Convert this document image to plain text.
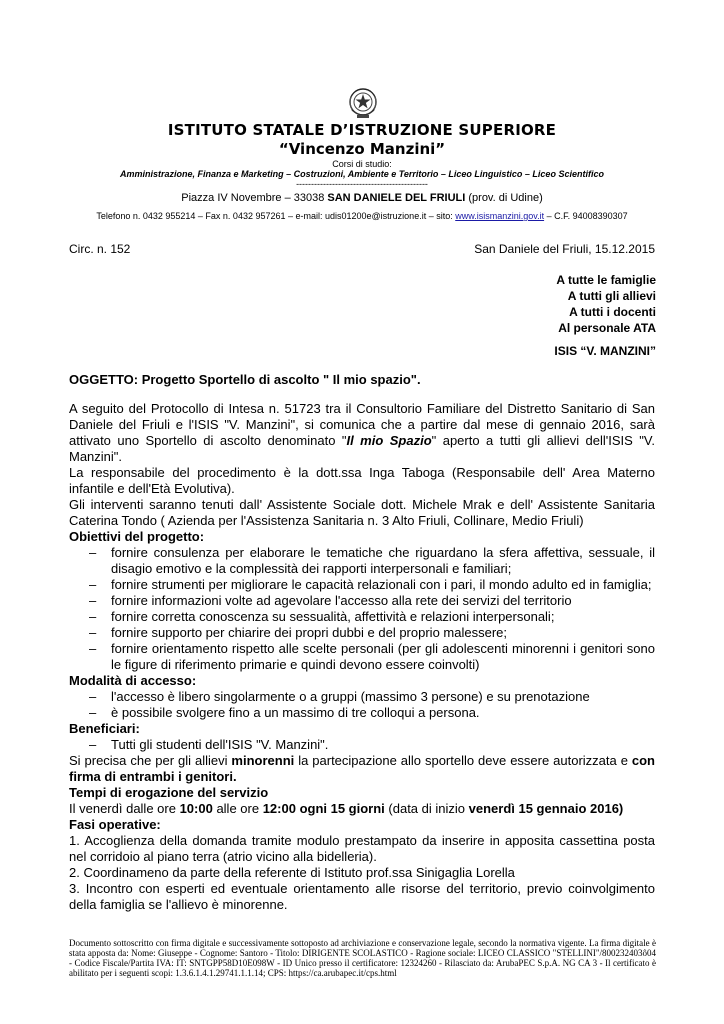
ISTITUTO STATALE D’ISTRUZIONE SUPERIORE
“Vincenzo Manzini”
Corsi di studio:
Amministrazione, Finanza e Marketing – Costruzioni, Ambiente e Territorio – Liceo Linguistico – Liceo Scientifico
--------------------------------------------
Piazza IV Novembre – 33038 SAN DANIELE DEL FRIULI (prov. di Udine)
Telefono n. 0432 955214 – Fax n. 0432 957261 – e-mail: udis01200e@istruzione.it – sito: www.isismanzini.gov.it – C.F. 94008390307
Circ. n. 152	San Daniele del Friuli, 15.12.2015
A tutte le famiglie
A tutti gli allievi
A tutti i docenti
Al personale ATA
ISIS “V. MANZINI”
OGGETTO: Progetto Sportello di ascolto " Il mio spazio".

A seguito del Protocollo di Intesa n. 51723 tra il Consultorio Familiare del Distretto Sanitario di San Daniele del Friuli e l'ISIS "V. Manzini", si comunica che a partire dal mese di gennaio 2016, sarà attivato uno Sportello di ascolto denominato "Il mio Spazio" aperto a tutti gli allievi dell'ISIS "V. Manzini".

La responsabile del procedimento è la dott.ssa Inga Taboga (Responsabile dell' Area Materno infantile e dell'Età Evolutiva).

Gli interventi saranno tenuti dall' Assistente Sociale dott. Michele Mrak e dell' Assistente Sanitaria Caterina Tondo ( Azienda per l'Assistenza Sanitaria n. 3 Alto Friuli, Collinare, Medio Friuli)

Obiettivi del progetto:

– fornire consulenza per elaborare le tematiche che riguardano la sfera affettiva, sessuale, il disagio emotivo e la complessità dei rapporti interpersonali e familiari;
– fornire strumenti per migliorare le capacità relazionali con i pari, il mondo adulto ed in famiglia;
– fornire informazioni volte ad agevolare l'accesso alla rete dei servizi del territorio
– fornire corretta conoscenza su sessualità, affettività e relazioni interpersonali;
– fornire supporto per chiarire dei propri dubbi e del proprio malessere;
– fornire orientamento rispetto alle scelte personali (per gli adolescenti minorenni i genitori sono le figure di riferimento primarie e quindi devono essere coinvolti)

Modalità di accesso:

– l'accesso è libero singolarmente o a gruppi (massimo 3 persone) e su prenotazione
– è possibile svolgere fino a un massimo di tre colloqui a persona.

Beneficiari:

– Tutti gli studenti dell'ISIS "V. Manzini".

Si precisa che per gli allievi minorenni la partecipazione allo sportello deve essere autorizzata e con firma di entrambi i genitori.

Tempi di erogazione del servizio

Il venerdì dalle ore 10:00 alle ore 12:00 ogni 15 giorni (data di inizio venerdì 15 gennaio 2016)

Fasi operative:

1. Accoglienza della domanda tramite modulo prestampato da inserire in apposita cassettina posta nel corridoio al piano terra (atrio vicino alla bidelleria).

2. Coordinameno da parte della referente di Istituto prof.ssa Sinigaglia Lorella

3. Incontro con esperti ed eventuale orientamento alle risorse del territorio, previo coinvolgimento della famiglia se l'allievo è minorenne.

Documento sottoscritto con firma digitale e successivamente sottoposto ad archiviazione e conservazione legale, secondo la normativa vigente. La firma digitale è stata apposta da: Nome: Giuseppe - Cognome: Santoro - Titolo: DIRIGENTE SCOLASTICO - Ragione sociale: LICEO CLASSICO "STELLINI"/800232403ô04 - Codice Fiscale/Partita IVA: IT: SNTGPP58D10E098W - ID Unico presso il certificatore: 12324260 - Rilasciato da: ArubaPEC S.p.A. NG CA 3 - Il certificato è abilitato per i seguenti scopi: 1.3.6.1.4.1.29741.1.1.14; CPS: https://ca.arubapec.it/cps.html
